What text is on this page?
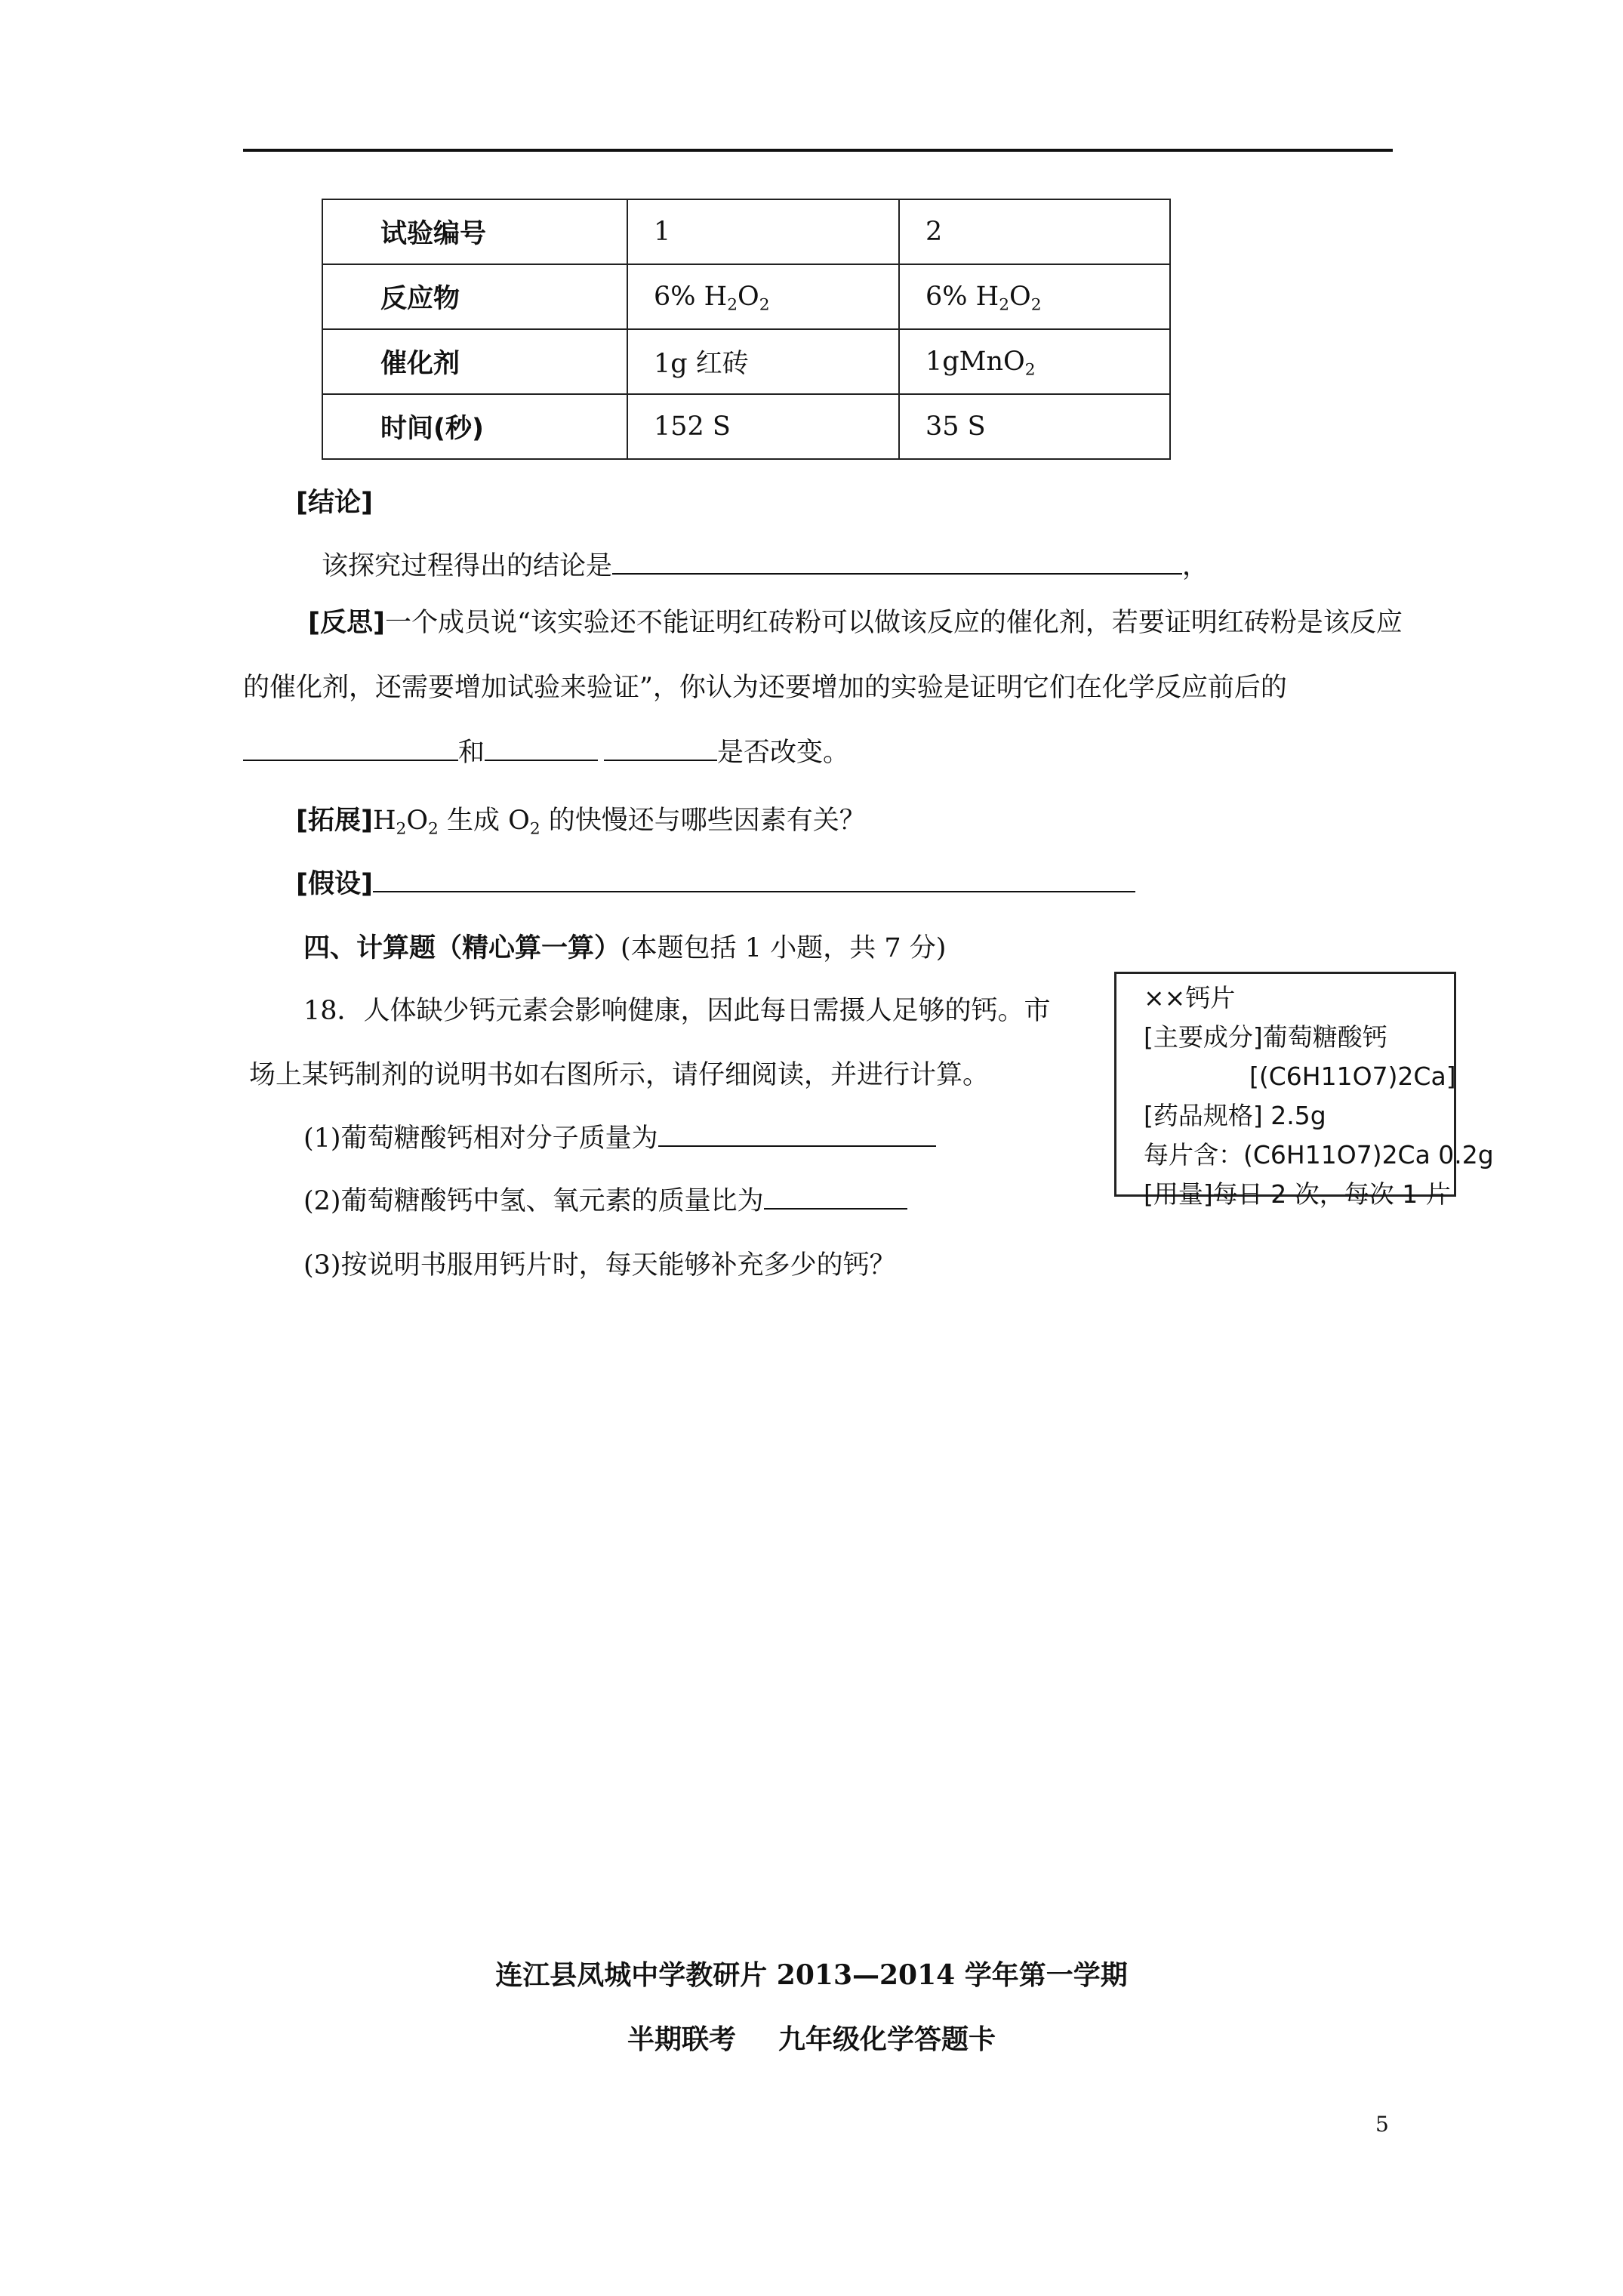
试验编号	1	2
反应物	6% $H_2O_2$	6% $H_2O_2$
催化剂	1g 红砖	1gMnO$_2$
时间(秒)	152 S	35 S
[结论]
该探究过程得出的结论是	，
[反思]一个成员说“该实验还不能证明红砖粉可以做该反应的催化剂，若要证明红砖粉是该反应的催化剂，还需要增加试验来验证”，你认为还要增加的实验是证明它们在化学反应前后的和	是否改变。
[拓展]$H_2O_2$ 生成 $O_2$ 的快慢还与哪些因素有关？
[假设]
四、计算题（精心算一算）(本题包括 1 小题，共 7 分)
18．人体缺少钙元素会影响健康，因此每日需摄人足够的钙。市
场上某钙制剂的说明书如右图所示，请仔细阅读，并进行计算。
(1)葡萄糖酸钙相对分子质量为
(2)葡萄糖酸钙中氢、氧元素的质量比为
(3)按说明书服用钙片时，每天能够补充多少的钙？
××钙片
[主要成分]葡萄糖酸钙
[(C6H11O7)2Ca]
[药品规格] 2.5g
每片含：(C6H11O7)2Ca 0.2g
[用量]每日 2 次，每次 1 片
连江县凤城中学教研片 2013—2014 学年第一学期
半期联考 九年级化学答题卡
5
